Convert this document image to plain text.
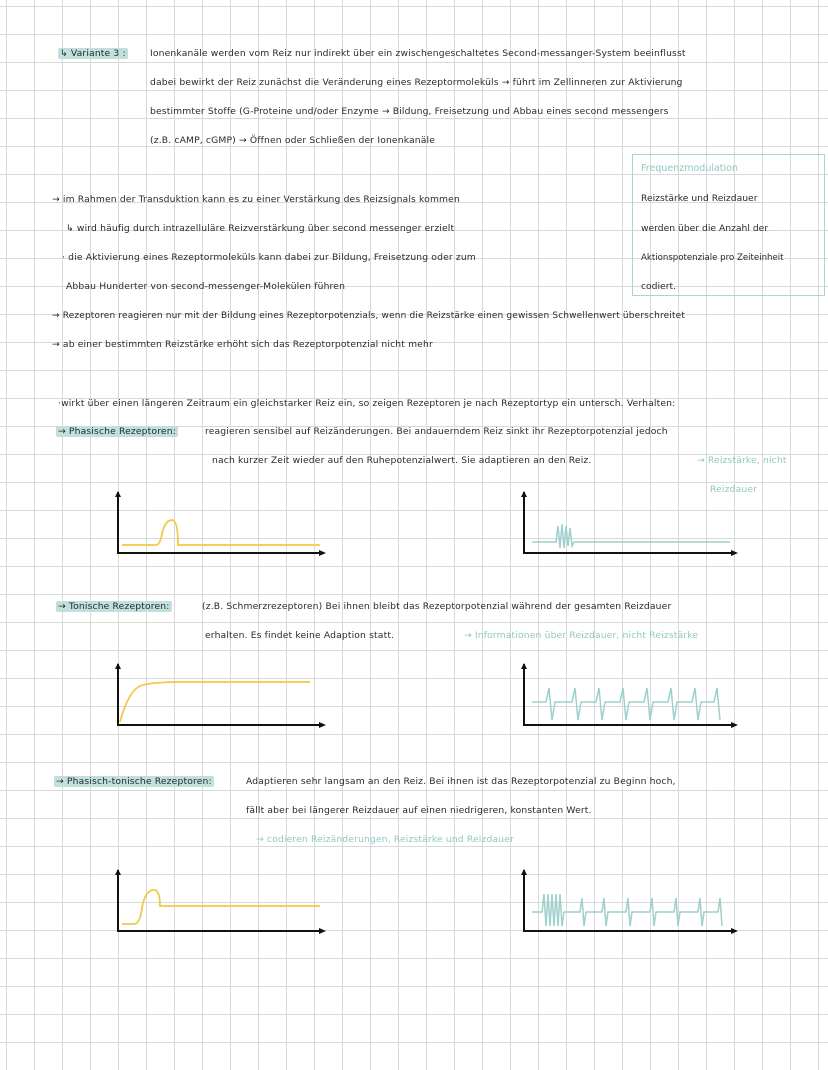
↳ Variante 3 :	Ionenkanäle werden vom Reiz nur indirekt über ein zwischengeschaltetes Second-messanger-System beeinflusst
dabei bewirkt der Reiz zunächst die Veränderung eines Rezeptormoleküls → führt im Zellinneren zur Aktivierung
bestimmter Stoffe (G-Proteine und/oder Enzyme → Bildung, Freisetzung und Abbau eines second messengers
(z.B. cAMP, cGMP) → Öffnen oder Schließen der Ionenkanäle
Frequenzmodulation
Reizstärke und Reizdauer
werden über die Anzahl der
Aktionspotenziale pro Zeiteinheit
codiert.
→ im Rahmen der Transduktion kann es zu einer Verstärkung des Reizsignals kommen
↳ wird häufig durch intrazelluläre Reizverstärkung über second messenger erzielt
· die Aktivierung eines Rezeptormoleküls kann dabei zur Bildung, Freisetzung oder zum
Abbau Hunderter von second-messenger-Molekülen führen
→ Rezeptoren reagieren nur mit der Bildung eines Rezeptorpotenzials, wenn die Reizstärke einen gewissen Schwellenwert überschreitet
→ ab einer bestimmten Reizstärke erhöht sich das Rezeptorpotenzial nicht mehr
·wirkt über einen längeren Zeitraum ein gleichstarker Reiz ein, so zeigen Rezeptoren je nach Rezeptortyp ein untersch. Verhalten:
→ Phasische Rezeptoren:	reagieren sensibel auf Reizänderungen. Bei andauerndem Reiz sinkt ihr Rezeptorpotenzial jedoch
nach kurzer Zeit wieder auf den Ruhepotenzialwert. Sie adaptieren an den Reiz.	→ Reizstärke, nicht
Reizdauer
→ Tonische Rezeptoren:	(z.B. Schmerzrezeptoren) Bei ihnen bleibt das Rezeptorpotenzial während der gesamten Reizdauer
erhalten. Es findet keine Adaption statt.	→ Informationen über Reizdauer, nicht Reizstärke
→ Phasisch-tonische Rezeptoren:	Adaptieren sehr langsam an den Reiz. Bei ihnen ist das Rezeptorpotenzial zu Beginn hoch,
fällt aber bei längerer Reizdauer auf einen niedrigeren, konstanten Wert.
→ codieren Reizänderungen, Reizstärke und Reizdauer
